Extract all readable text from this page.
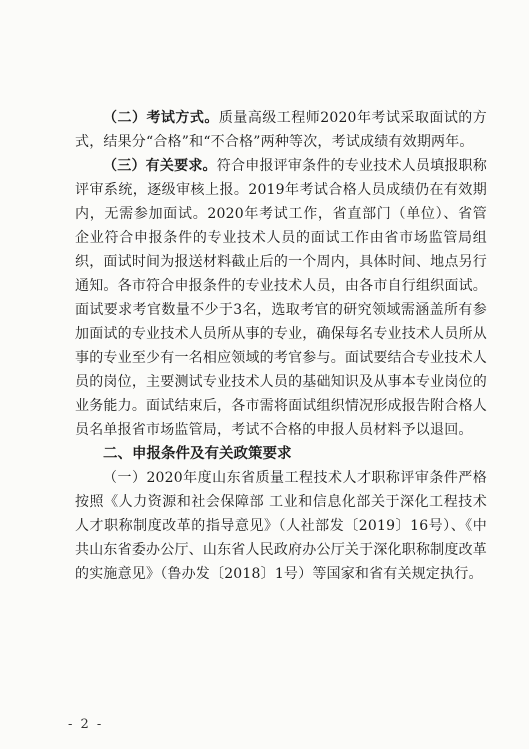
（二）考试方式。质量高级工程师2020年考试采取面试的方式，结果分“合格”和“不合格”两种等次，考试成绩有效期两年。

（三）有关要求。符合申报评审条件的专业技术人员填报职称评审系统，逐级审核上报。2019年考试合格人员成绩仍在有效期内，无需参加面试。2020年考试工作，省直部门（单位）、省管企业符合申报条件的专业技术人员的面试工作由省市场监管局组织，面试时间为报送材料截止后的一个周内，具体时间、地点另行通知。各市符合申报条件的专业技术人员，由各市自行组织面试。面试要求考官数量不少于3名，选取考官的研究领域需涵盖所有参加面试的专业技术人员所从事的专业，确保每名专业技术人员所从事的专业至少有一名相应领域的考官参与。面试要结合专业技术人员的岗位，主要测试专业技术人员的基础知识及从事本专业岗位的业务能力。面试结束后，各市需将面试组织情况形成报告附合格人员名单报省市场监管局，考试不合格的申报人员材料予以退回。

二、申报条件及有关政策要求

（一）2020年度山东省质量工程技术人才职称评审条件严格按照《人力资源和社会保障部 工业和信息化部关于深化工程技术人才职称制度改革的指导意见》（人社部发〔2019〕16号）、《中共山东省委办公厅、山东省人民政府办公厅关于深化职称制度改革的实施意见》（鲁办发〔2018〕1号）等国家和省有关规定执行。

- 2 -
